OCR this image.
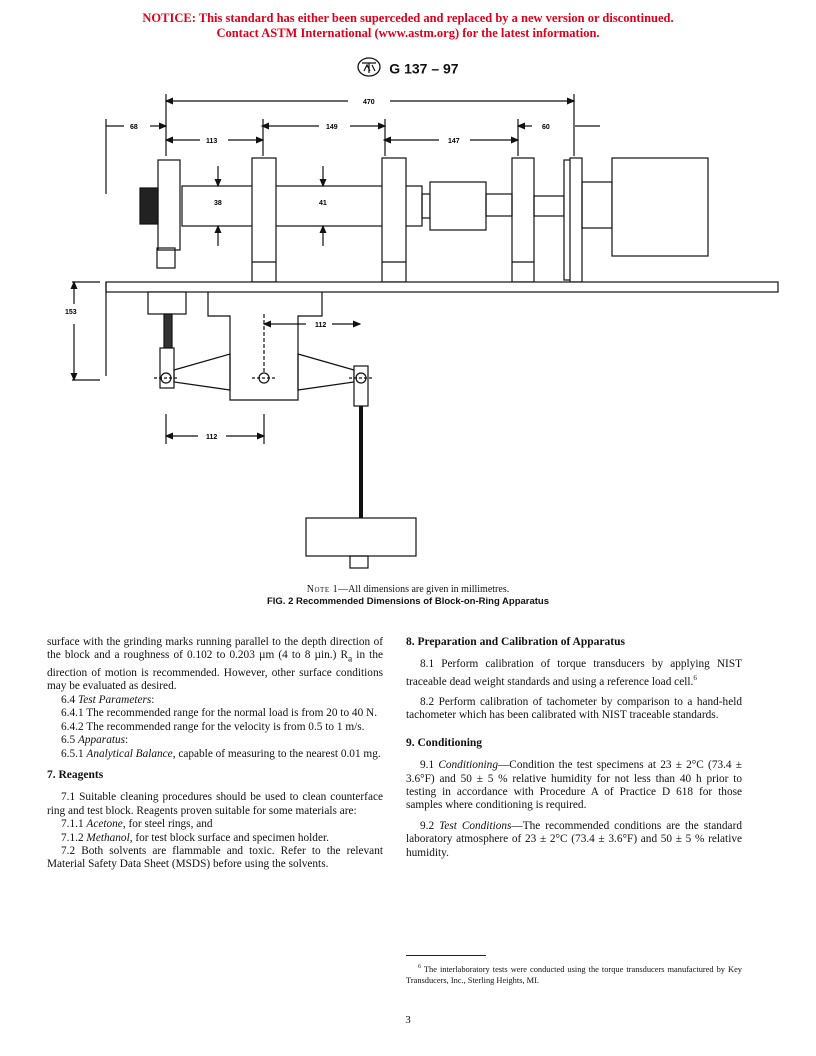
NOTICE: This standard has either been superceded and replaced by a new version or discontinued.
Contact ASTM International (www.astm.org) for the latest information.
G 137 – 97
470
68
113
149
147
60
38	41
153
112
112
Note 1—All dimensions are given in millimetres.
FIG. 2 Recommended Dimensions of Block-on-Ring Apparatus

surface with the grinding marks running parallel to the depth direction of the block and a roughness of 0.102 to 0.203 µm (4 to 8 µin.) $R_a$ in the direction of motion is recommended. However, other surface conditions may be evaluated as desired.

6.4 Test Parameters:

6.4.1 The recommended range for the normal load is from 20 to 40 N.

6.4.2 The recommended range for the velocity is from 0.5 to 1 m/s.

6.5 Apparatus:

6.5.1 Analytical Balance, capable of measuring to the nearest 0.01 mg.

7. Reagents

7.1 Suitable cleaning procedures should be used to clean counterface ring and test block. Reagents proven suitable for some materials are:

7.1.1 Acetone, for steel rings, and

7.1.2 Methanol, for test block surface and specimen holder.

7.2 Both solvents are flammable and toxic. Refer to the relevant Material Safety Data Sheet (MSDS) before using the solvents.

8. Preparation and Calibration of Apparatus

8.1 Perform calibration of torque transducers by applying NIST traceable dead weight standards and using a reference load cell.$^6$

8.2 Perform calibration of tachometer by comparison to a hand-held tachometer which has been calibrated with NIST traceable standards.

9. Conditioning

9.1 Conditioning—Condition the test specimens at 23 ± 2°C (73.4 ± 3.6°F) and 50 ± 5 % relative humidity for not less than 40 h prior to testing in accordance with Procedure A of Practice D 618 for those samples where conditioning is required.

9.2 Test Conditions—The recommended conditions are the standard laboratory atmosphere of 23 ± 2°C (73.4 ± 3.6°F) and 50 ± 5 % relative humidity.

$^6$ The interlaboratory tests were conducted using the torque transducers manufactured by Key Transducers, Inc., Sterling Heights, MI.
3
